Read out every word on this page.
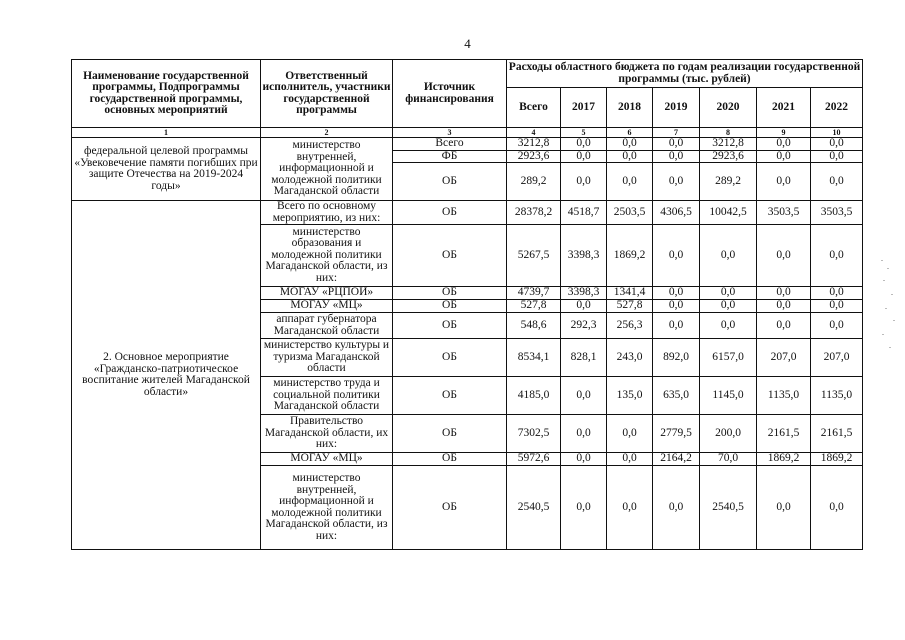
4
Наименование государственной программы, Подпрограммы государственной программы, основных мероприятий	Ответственный исполнитель, участники государственной программы	Источник финансирования	Расходы областного бюджета по годам реализации государственной программы (тыс. рублей)						
			Всего	2017	2018	2019	2020	2021	2022
1	2	3	4	5	6	7	8	9	10
федеральной целевой программы «Увековечение памяти погибших при защите Отечества на 2019-2024 годы»	министерство внутренней, информационной и молодежной политики Магаданской области	Всего	3212,8	0,0	0,0	0,0	3212,8	0,0	0,0
		ФБ	2923,6	0,0	0,0	0,0	2923,6	0,0	0,0
		ОБ	289,2	0,0	0,0	0,0	289,2	0,0	0,0
2. Основное мероприятие «Гражданско-патриотическое воспитание жителей Магаданской области»	Всего по основному мероприятию, из них:	ОБ	28378,2	4518,7	2503,5	4306,5	10042,5	3503,5	3503,5
	министерство образования и молодежной политики Магаданской области, из них:	ОБ	5267,5	3398,3	1869,2	0,0	0,0	0,0	0,0
	МОГАУ «РЦПОИ»	ОБ	4739,7	3398,3	1341,4	0,0	0,0	0,0	0,0
	МОГАУ «МЦ»	ОБ	527,8	0,0	527,8	0,0	0,0	0,0	0,0
	аппарат губернатора Магаданской области	ОБ	548,6	292,3	256,3	0,0	0,0	0,0	0,0
	министерство культуры и туризма Магаданской области	ОБ	8534,1	828,1	243,0	892,0	6157,0	207,0	207,0
	министерство труда и социальной политики Магаданской области	ОБ	4185,0	0,0	135,0	635,0	1145,0	1135,0	1135,0
	Правительство Магаданской области, их них:	ОБ	7302,5	0,0	0,0	2779,5	200,0	2161,5	2161,5
	МОГАУ «МЦ»	ОБ	5972,6	0,0	0,0	2164,2	70,0	1869,2	1869,2
	министерство внутренней, информационной и молодежной политики Магаданской области, из них:	ОБ	2540,5	0,0	0,0	0,0	2540,5	0,0	0,0
